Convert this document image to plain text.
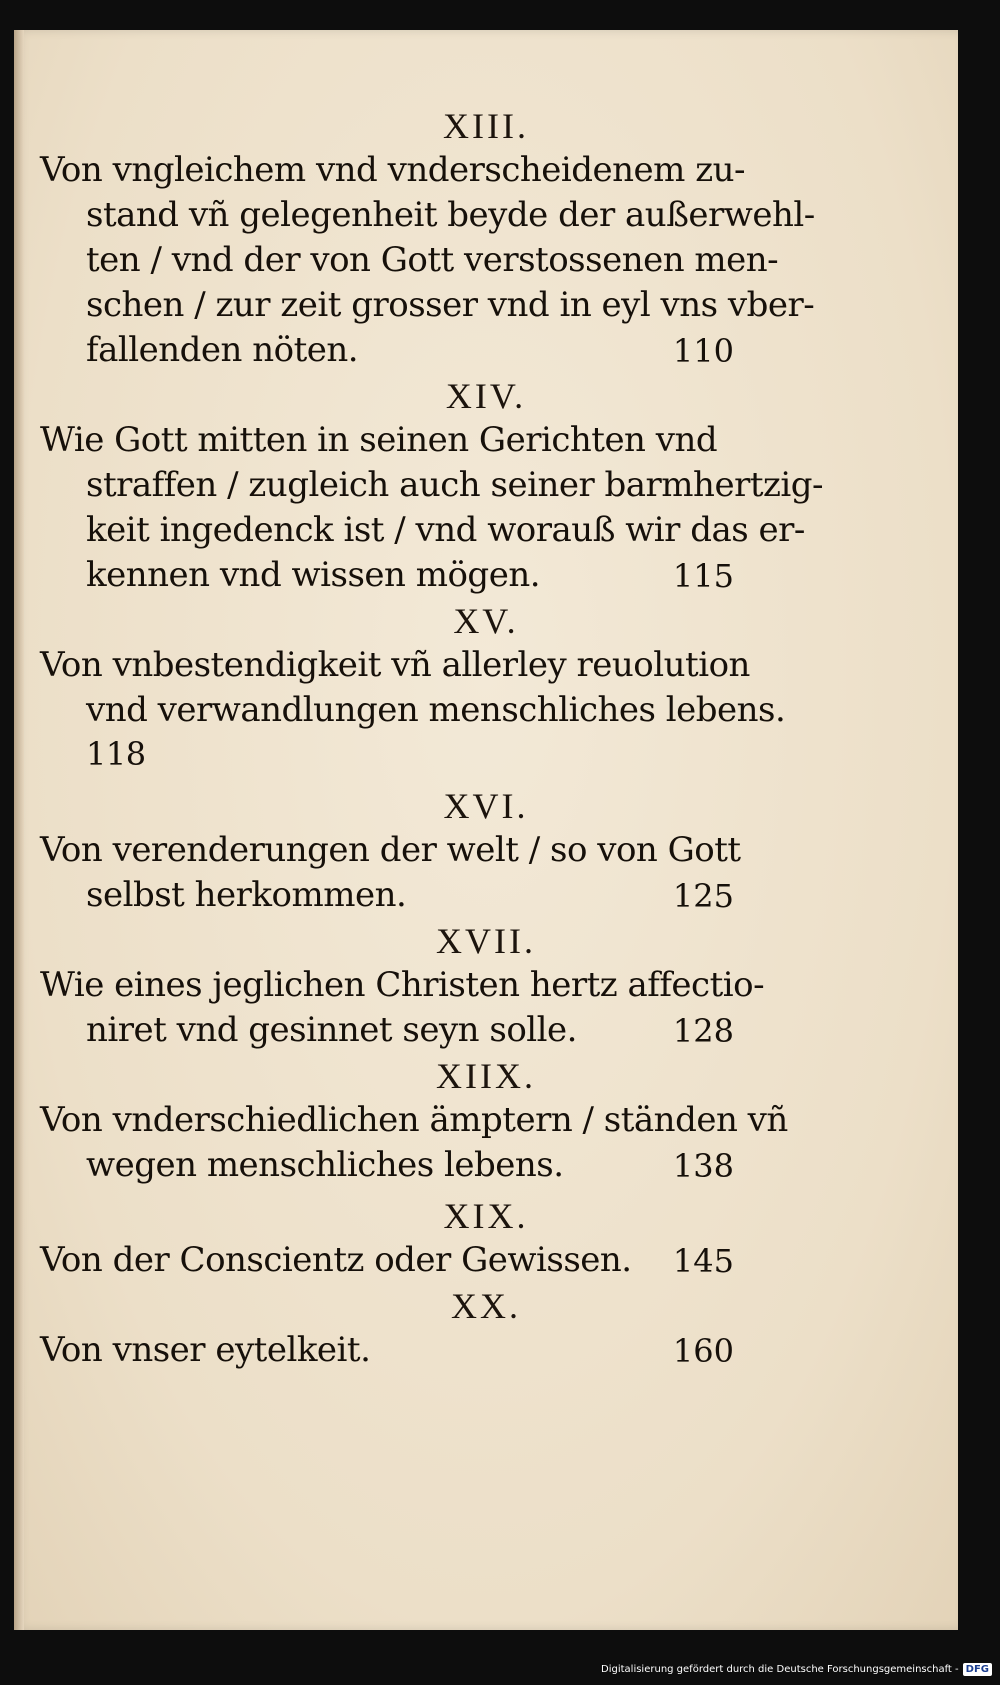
XIII.
Von vngleichem vnd vnderscheidenem zu-
stand vñ gelegenheit beyde der außerwehl-
ten / vnd der von Gott verstossenen men-
schen / zur zeit grosser vnd in eyl vns vber-
fallenden nöten.	110
XIV.
Wie Gott mitten in seinen Gerichten vnd
straffen / zugleich auch seiner barmhertzig-
keit ingedenck ist / vnd worauß wir das er-
kennen vnd wissen mögen.	115
XV.
Von vnbestendigkeit vñ allerley reuolution
vnd verwandlungen menschliches lebens.
118
XVI.
Von verenderungen der welt / so von Gott
selbst herkommen.	125
XVII.
Wie eines jeglichen Christen hertz affectio-
niret vnd gesinnet seyn solle.	128
XIIX.
Von vnderschiedlichen ämptern / ständen vñ
wegen menschliches lebens.	138
XIX.
Von der Conscientz oder Gewissen.	145
XX.
Von vnser eytelkeit.	160
Digitalisierung gefördert durch die Deutsche Forschungsgemeinschaft - DFG
